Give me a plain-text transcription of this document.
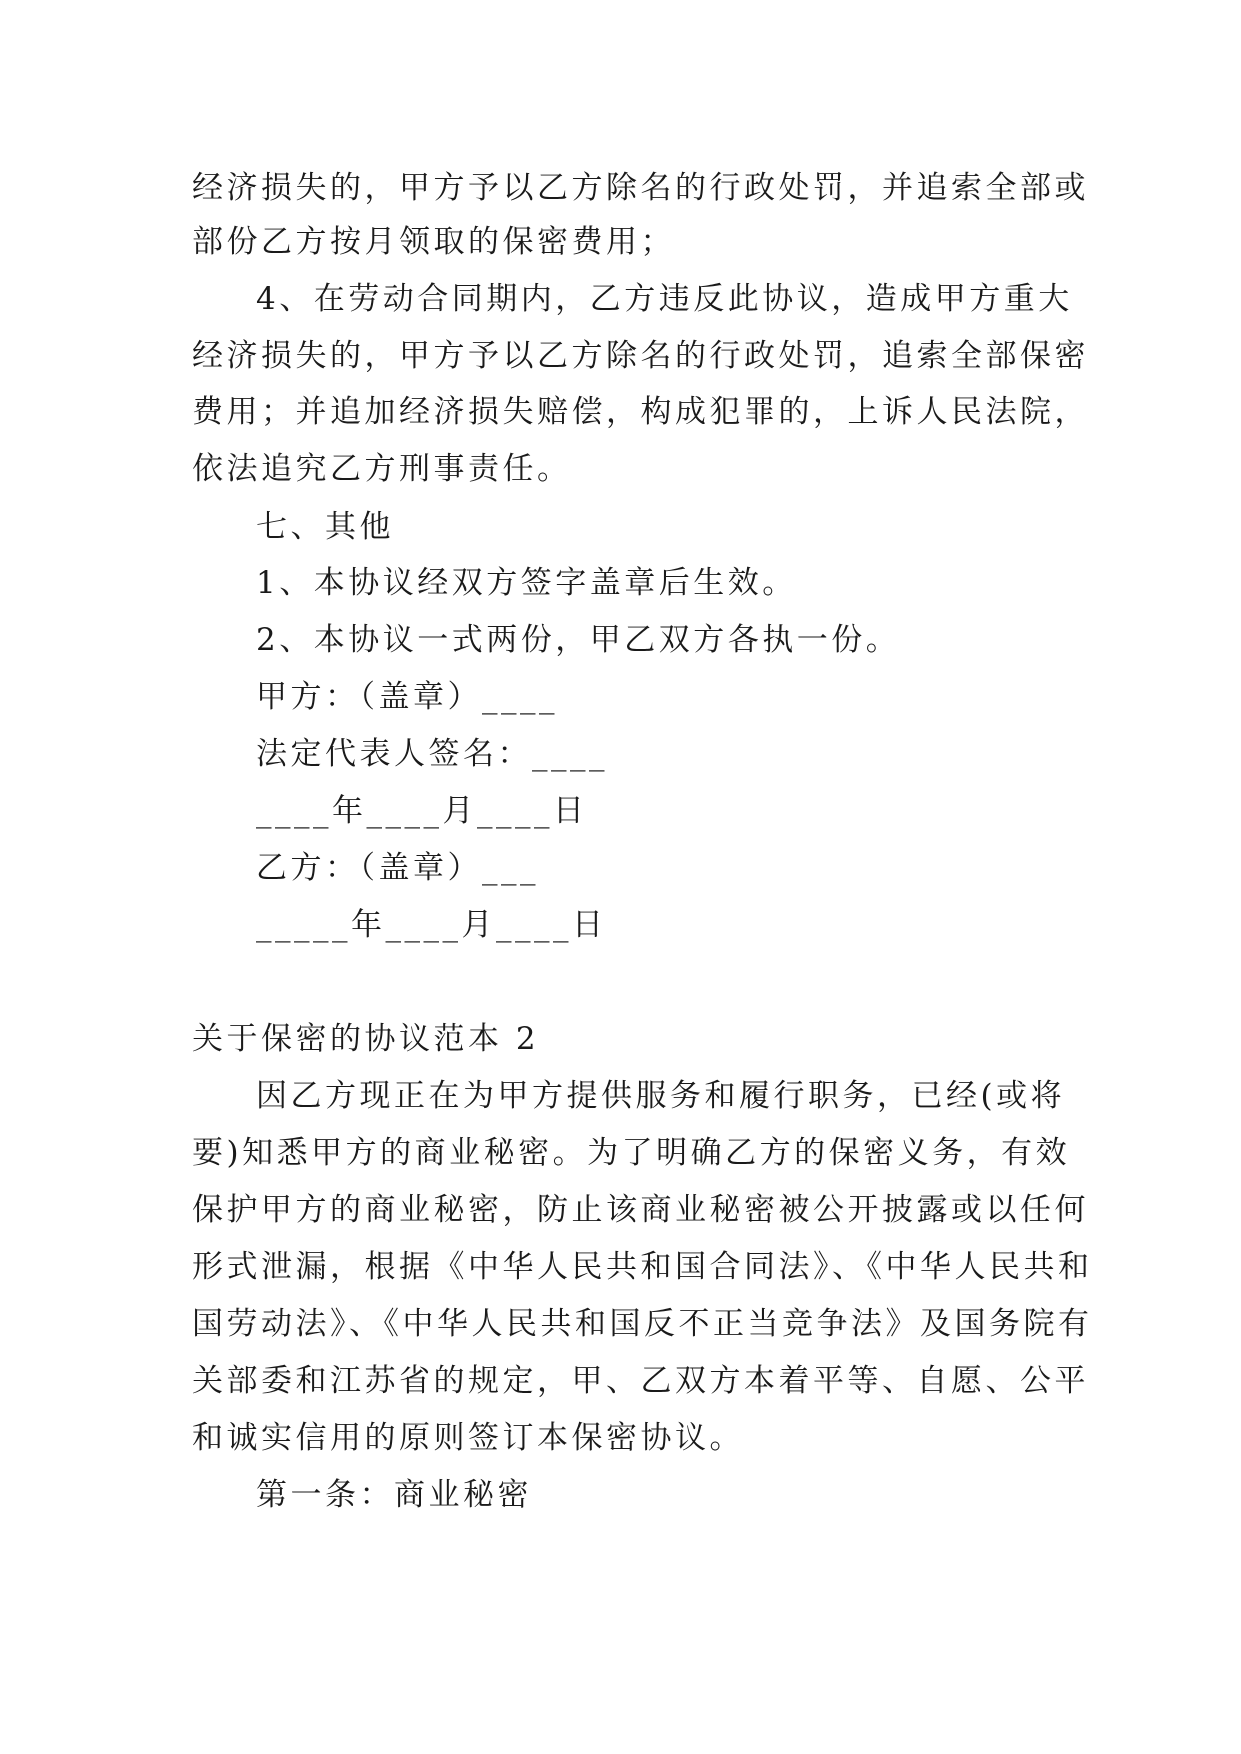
经济损失的，甲方予以乙方除名的行政处罚，并追索全部或
部份乙方按月领取的保密费用；
4、在劳动合同期内，乙方违反此协议，造成甲方重大
经济损失的，甲方予以乙方除名的行政处罚，追索全部保密
费用；并追加经济损失赔偿，构成犯罪的，上诉人民法院，
依法追究乙方刑事责任。
七、其他
1、本协议经双方签字盖章后生效。
2、本协议一式两份，甲乙双方各执一份。
甲方：（盖章）____
法定代表人签名：____
____年____月____日
乙方：（盖章）___
_____年____月____日
关于保密的协议范本 2
因乙方现正在为甲方提供服务和履行职务，已经(或将
要)知悉甲方的商业秘密。为了明确乙方的保密义务，有效
保护甲方的商业秘密，防止该商业秘密被公开披露或以任何
形式泄漏，根据《中华人民共和国合同法》、《中华人民共和
国劳动法》、《中华人民共和国反不正当竞争法》及国务院有
关部委和江苏省的规定，甲、乙双方本着平等、自愿、公平
和诚实信用的原则签订本保密协议。
第一条：商业秘密
